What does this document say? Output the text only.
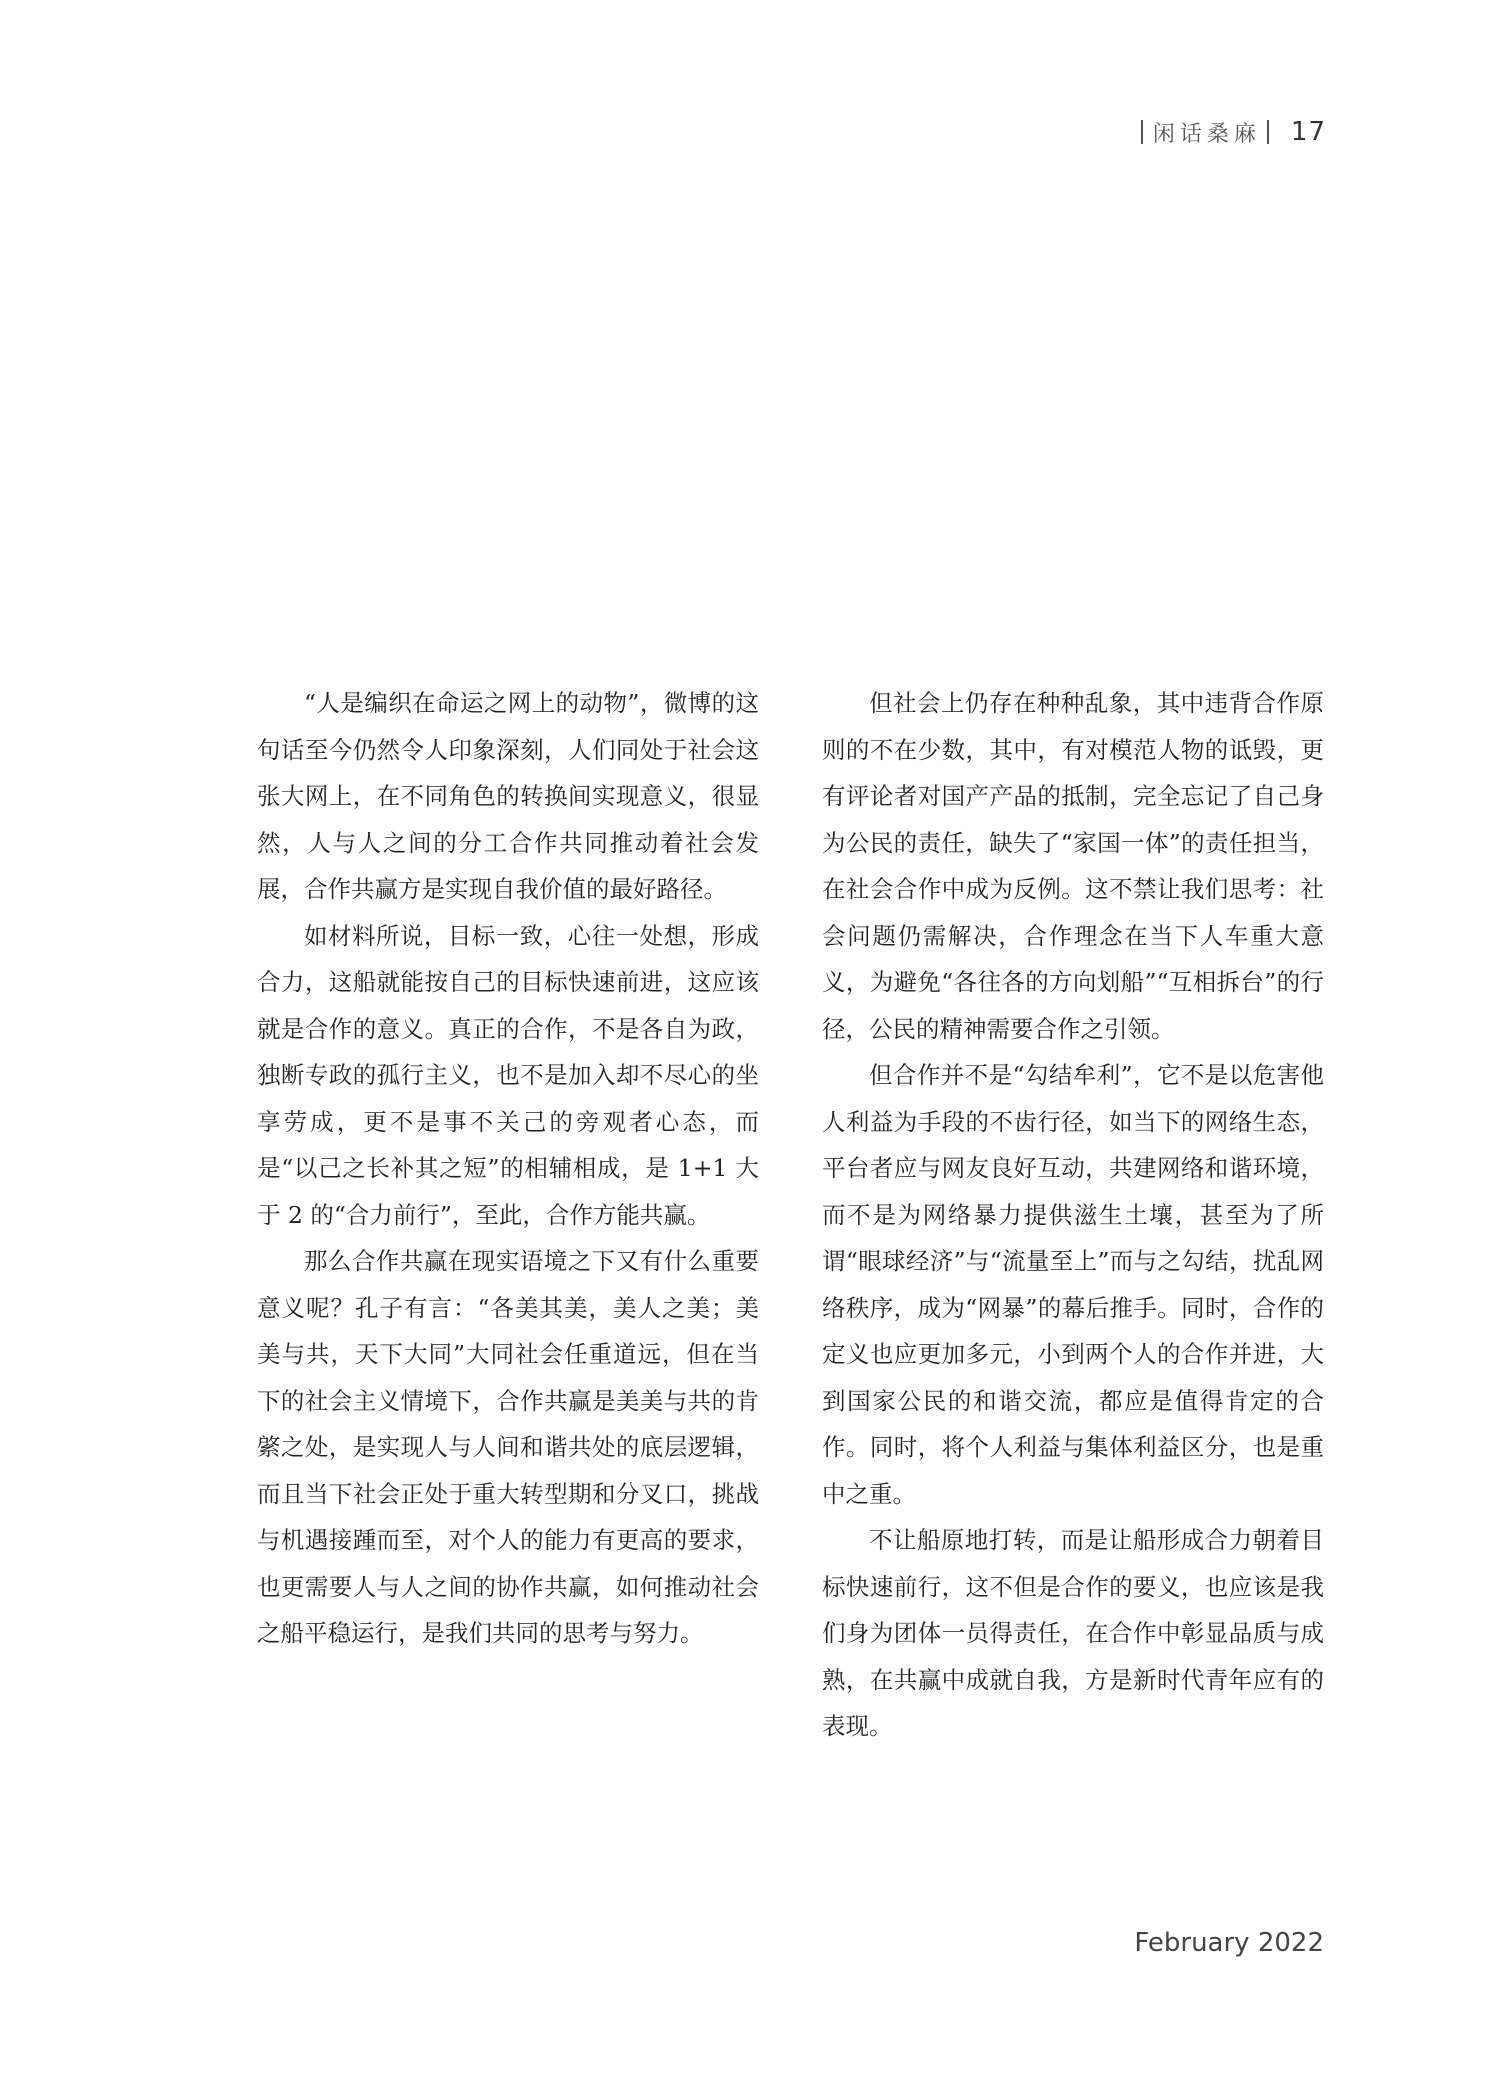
闲话桑麻 17

“人是编织在命运之网上的动物”，微博的这句话至今仍然令人印象深刻，人们同处于社会这张大网上，在不同角色的转换间实现意义，很显然，人与人之间的分工合作共同推动着社会发展，合作共赢方是实现自我价值的最好路径。

如材料所说，目标一致，心往一处想，形成合力，这船就能按自己的目标快速前进，这应该就是合作的意义。真正的合作，不是各自为政，独断专政的孤行主义，也不是加入却不尽心的坐享劳成，更不是事不关己的旁观者心态，而是“以己之长补其之短”的相辅相成，是 1+1 大于 2 的“合力前行”，至此，合作方能共赢。

那么合作共赢在现实语境之下又有什么重要意义呢？孔子有言：“各美其美，美人之美；美美与共，天下大同”大同社会任重道远，但在当下的社会主义情境下，合作共赢是美美与共的肯綮之处，是实现人与人间和谐共处的底层逻辑，而且当下社会正处于重大转型期和分叉口，挑战与机遇接踵而至，对个人的能力有更高的要求，也更需要人与人之间的协作共赢，如何推动社会之船平稳运行，是我们共同的思考与努力。

但社会上仍存在种种乱象，其中违背合作原则的不在少数，其中，有对模范人物的诋毁，更有评论者对国产产品的抵制，完全忘记了自己身为公民的责任，缺失了“家国一体”的责任担当，在社会合作中成为反例。这不禁让我们思考：社会问题仍需解决，合作理念在当下人车重大意义，为避免“各往各的方向划船”“互相拆台”的行径，公民的精神需要合作之引领。

但合作并不是“勾结牟利”，它不是以危害他人利益为手段的不齿行径，如当下的网络生态，平台者应与网友良好互动，共建网络和谐环境，而不是为网络暴力提供滋生土壤，甚至为了所谓“眼球经济”与“流量至上”而与之勾结，扰乱网络秩序，成为“网暴”的幕后推手。同时，合作的定义也应更加多元，小到两个人的合作并进，大到国家公民的和谐交流，都应是值得肯定的合作。同时，将个人利益与集体利益区分，也是重中之重。

不让船原地打转，而是让船形成合力朝着目标快速前行，这不但是合作的要义，也应该是我们身为团体一员得责任，在合作中彰显品质与成熟，在共赢中成就自我，方是新时代青年应有的表现。

February 2022
